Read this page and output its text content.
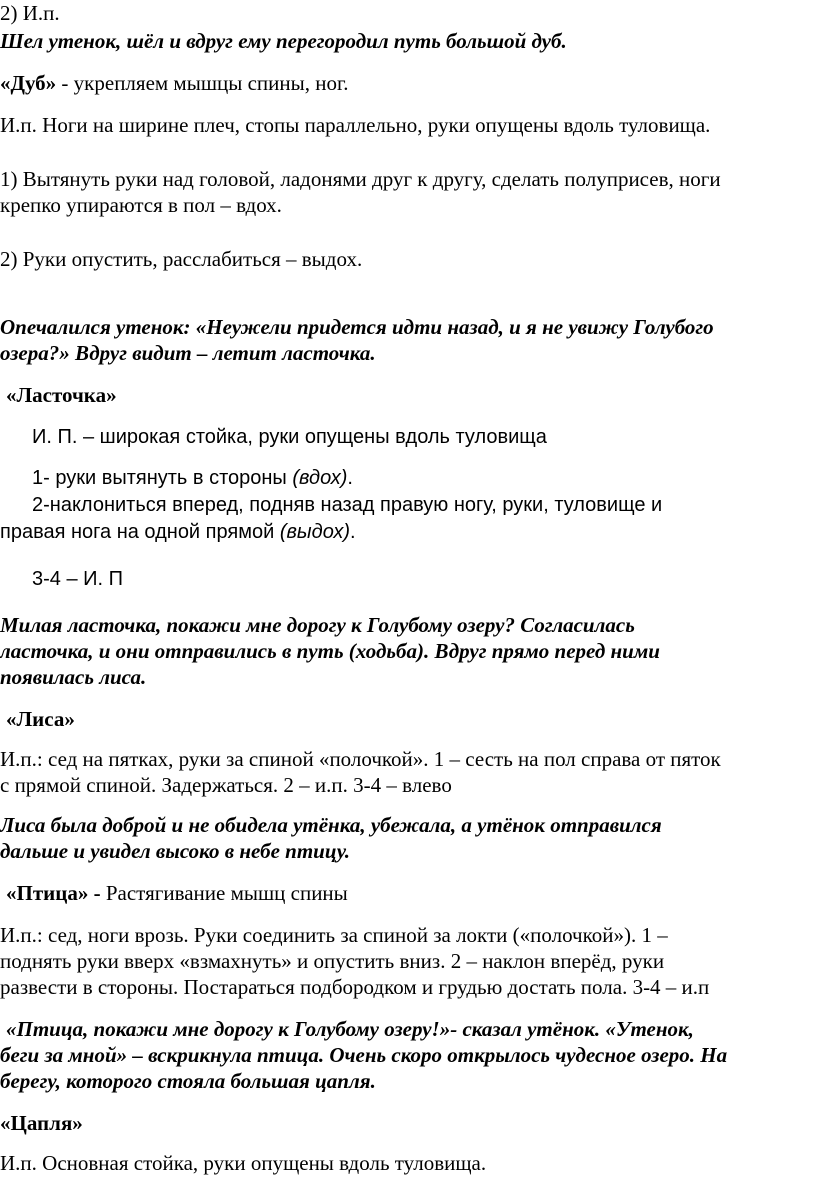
2) И.п.

Шел утенок, шёл и вдруг ему перегородил путь большой дуб.

«Дуб» - укрепляем мышцы спины, ног.

И.п. Ноги на ширине плеч, стопы параллельно, руки опущены вдоль туловища.

1) Вытянуть руки над головой, ладонями друг к другу, сделать полуприсев, ноги

крепко упираются в пол – вдох.

2) Руки опустить, расслабиться – выдох.

Опечалился утенок: «Неужели придется идти назад, и я не увижу Голубого

озера?» Вдруг видит – летит ласточка.

«Ласточка»

И. П. – широкая стойка, руки опущены вдоль туловища

1- руки вытянуть в стороны (вдох).

2-наклониться вперед, подняв назад правую ногу, руки, туловище и

правая нога на одной прямой (выдох).

3-4 – И. П

Милая ласточка, покажи мне дорогу к Голубому озеру? Согласилась

ласточка, и они отправились в путь (ходьба). Вдруг прямо перед ними

появилась лиса.

«Лиса»

И.п.: сед на пятках, руки за спиной «полочкой». 1 – сесть на пол справа от пяток

с прямой спиной. Задержаться. 2 – и.п. 3-4 – влево

Лиса была доброй и не обидела утёнка, убежала, а утёнок отправился

дальше и увидел высоко в небе птицу.

«Птица» - Растягивание мышц спины

И.п.: сед, ноги врозь. Руки соединить за спиной за локти («полочкой»). 1 –

поднять руки вверх «взмахнуть» и опустить вниз. 2 – наклон вперёд, руки

развести в стороны. Постараться подбородком и грудью достать пола. 3-4 – и.п

«Птица, покажи мне дорогу к Голубому озеру!»- сказал утёнок. «Утенок,

беги за мной» – вскрикнула птица. Очень скоро открылось чудесное озеро. На

берегу, которого стояла большая цапля.

«Цапля»

И.п. Основная стойка, руки опущены вдоль туловища.
